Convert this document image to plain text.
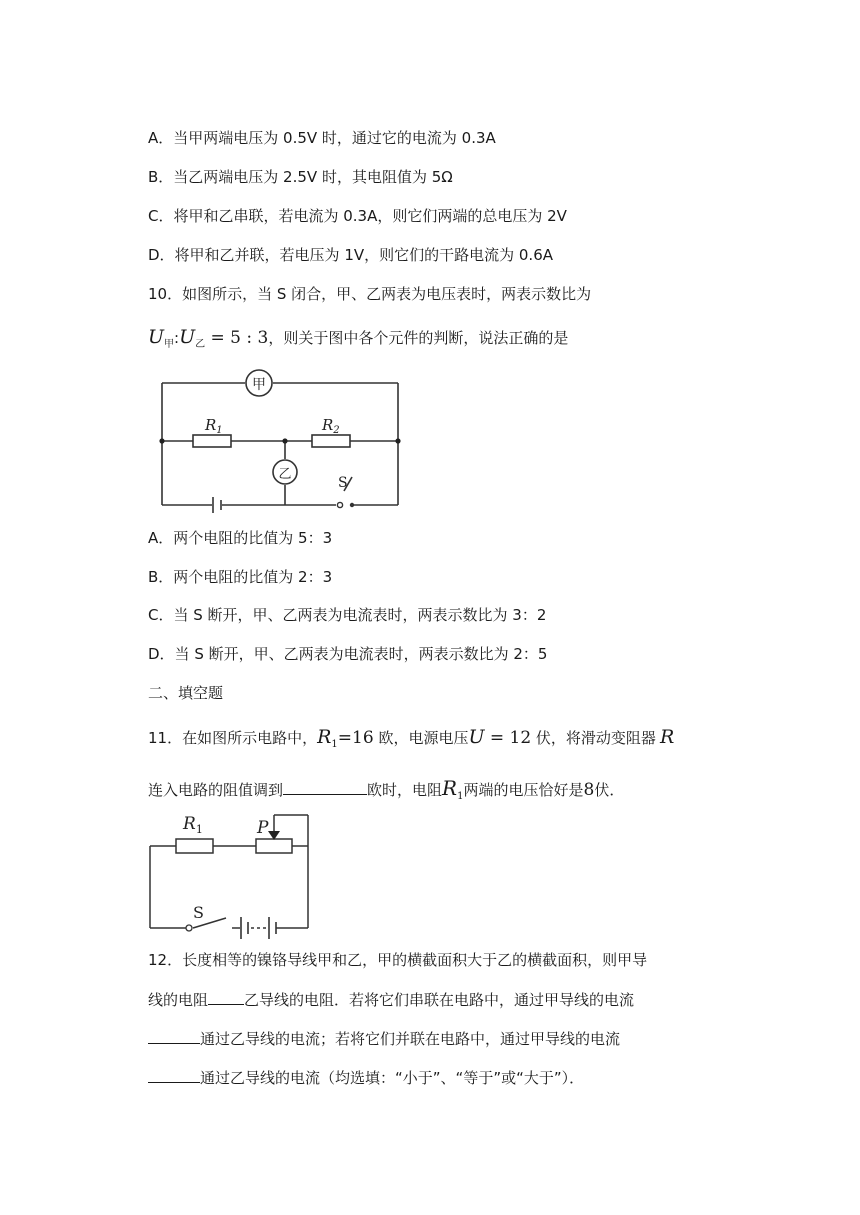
A．当甲两端电压为 0.5V 时，通过它的电流为 0.3A
B．当乙两端电压为 2.5V 时，其电阻值为 5Ω
C．将甲和乙串联，若电流为 0.3A，则它们两端的总电压为 2V
D．将甲和乙并联，若电压为 1V，则它们的干路电流为 0.6A
10．如图所示，当 S 闭合，甲、乙两表为电压表时，两表示数比为
$U_甲:U_乙 = 5$ : 3，则关于图中各个元件的判断，说法正确的是
甲
乙
$R_1$	$R_2$
S
A．两个电阻的比值为 5：3
B．两个电阻的比值为 2：3
C．当 S 断开，甲、乙两表为电流表时，两表示数比为 3：2
D．当 S 断开，甲、乙两表为电流表时，两表示数比为 2：5
二、填空题
11．在如图所示电路中，$R_1=16$ 欧，电源电压U = 12 伏，将滑动变阻器 R
连入电路的阻值调到	欧时，电阻$R_1$两端的电压恰好是8伏．
$R_1$	P
S
12．长度相等的镍铬导线甲和乙，甲的横截面积大于乙的横截面积，则甲导
线的电阻 乙导线的电阻．若将它们串联在电路中，通过甲导线的电流
通过乙导线的电流；若将它们并联在电路中，通过甲导线的电流
通过乙导线的电流（均选填：“小于”、“等于”或“大于”）．
